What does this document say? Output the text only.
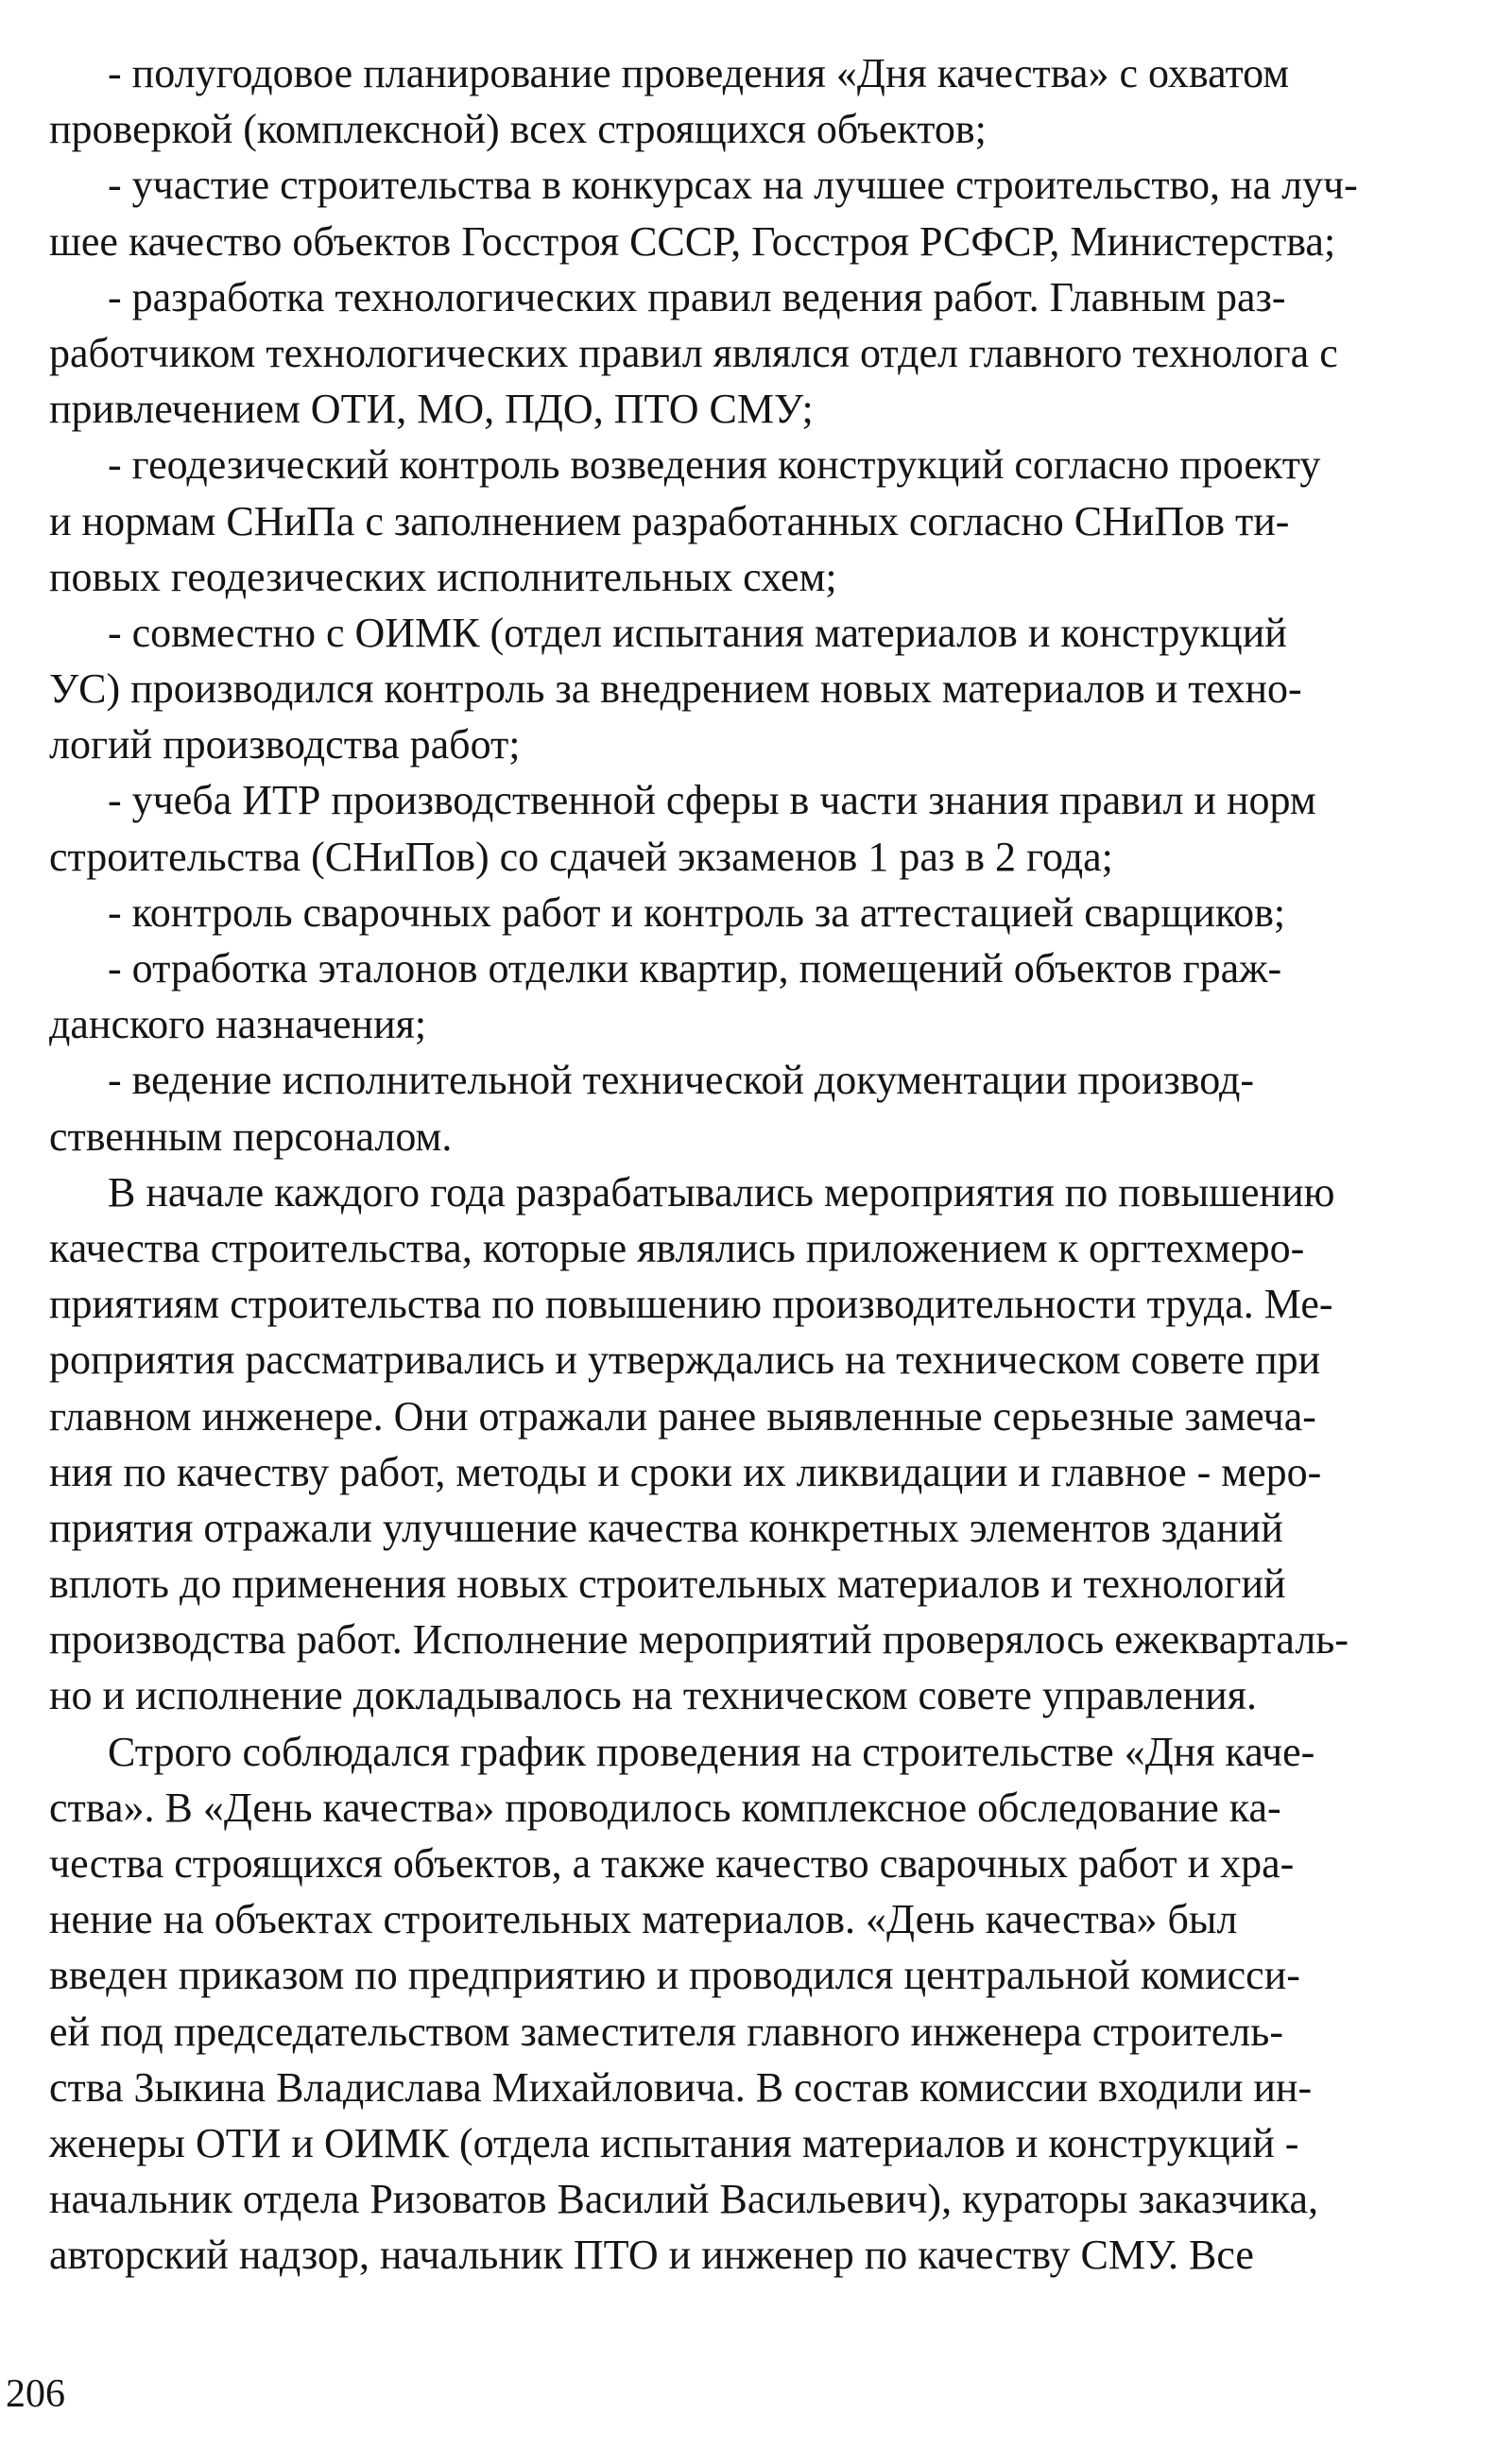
- полугодовое планирование проведения «Дня качества» с охватом
проверкой (комплексной) всех строящихся объектов;
- участие строительства в конкурсах на лучшее строительство, на луч-
шее качество объектов Госстроя СССР, Госстроя РСФСР, Министерства;
- разработка технологических правил ведения работ. Главным раз-
работчиком технологических правил являлся отдел главного технолога с
привлечением ОТИ, МО, ПДО, ПТО СМУ;
- геодезический контроль возведения конструкций согласно проекту
и нормам СНиПа с заполнением разработанных согласно СНиПов ти-
повых геодезических исполнительных схем;
- совместно с ОИМК (отдел испытания материалов и конструкций
УС) производился контроль за внедрением новых материалов и техно-
логий производства работ;
- учеба ИТР производственной сферы в части знания правил и норм
строительства (СНиПов) со сдачей экзаменов 1 раз в 2 года;
- контроль сварочных работ и контроль за аттестацией сварщиков;
- отработка эталонов отделки квартир, помещений объектов граж-
данского назначения;
- ведение исполнительной технической документации производ-
ственным персоналом.
В начале каждого года разрабатывались мероприятия по повышению
качества строительства, которые являлись приложением к оргтехмеро-
приятиям строительства по повышению производительности труда. Ме-
роприятия рассматривались и утверждались на техническом совете при
главном инженере. Они отражали ранее выявленные серьезные замеча-
ния по качеству работ, методы и сроки их ликвидации и главное - меро-
приятия отражали улучшение качества конкретных элементов зданий
вплоть до применения новых строительных материалов и технологий
производства работ. Исполнение мероприятий проверялось ежекварталь-
но и исполнение докладывалось на техническом совете управления.
Строго соблюдался график проведения на строительстве «Дня каче-
ства». В «День качества» проводилось комплексное обследование ка-
чества строящихся объектов, а также качество сварочных работ и хра-
нение на объектах строительных материалов. «День качества» был
введен приказом по предприятию и проводился центральной комисси-
ей под председательством заместителя главного инженера строитель-
ства Зыкина Владислава Михайловича. В состав комиссии входили ин-
женеры ОТИ и ОИМК (отдела испытания материалов и конструкций -
начальник отдела Ризоватов Василий Васильевич), кураторы заказчика,
авторский надзор, начальник ПТО и инженер по качеству СМУ. Все
206
